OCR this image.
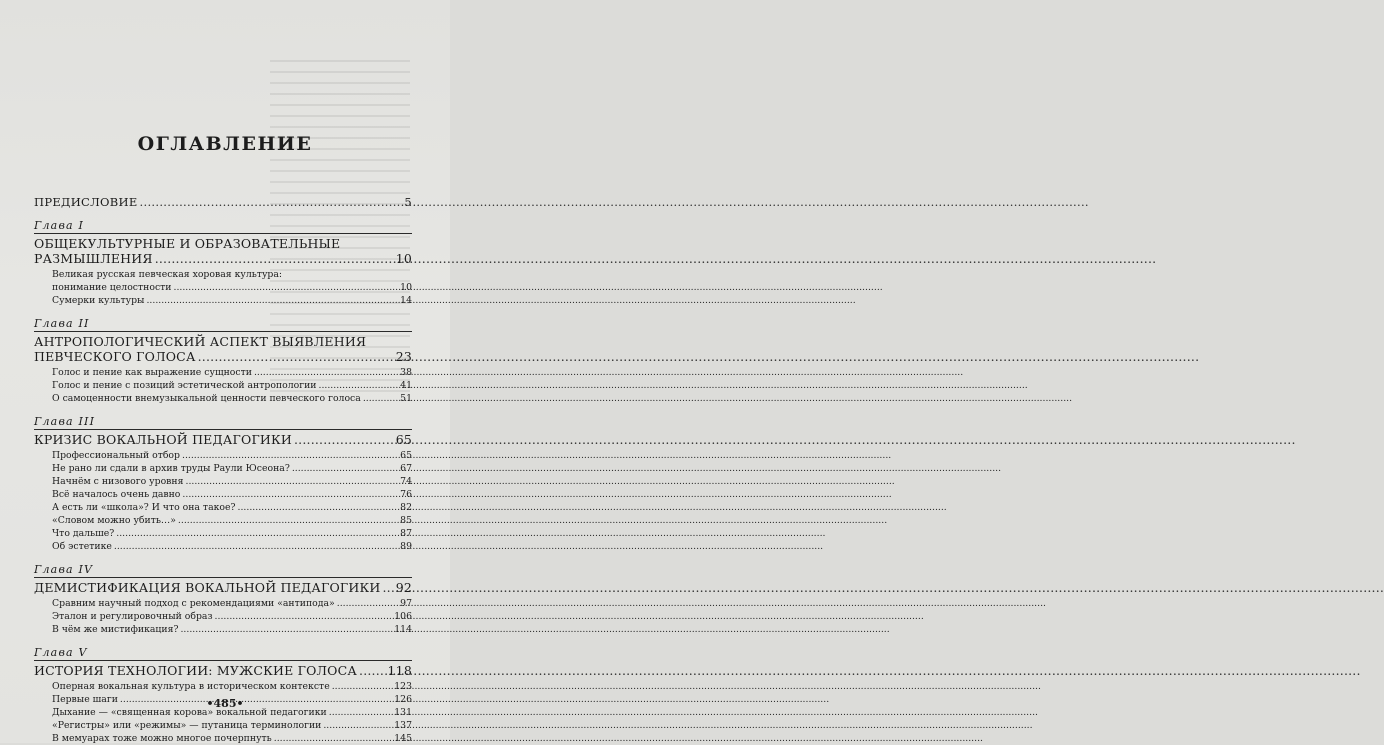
ОГЛАВЛЕНИЕ
ПРЕДИСЛОВИЕ .....	5
Глава I
ОБЩЕКУЛЬТУРНЫЕ И ОБРАЗОВАТЕЛЬНЫЕ
РАЗМЫШЛЕНИЯ .....	10
Великая русская певческая хоровая культура:
понимание целостности .....	10
Сумерки культуры .....	14
Глава II
АНТРОПОЛОГИЧЕСКИЙ АСПЕКТ ВЫЯВЛЕНИЯ
ПЕВЧЕСКОГО ГОЛОСА .....	23
Голос и пение как выражение сущности .....	38
Голос и пение с позиций эстетической антропологии .....	41
О самоценности внемузыкальной ценности певческого голоса .....	51
Глава III
КРИЗИС ВОКАЛЬНОЙ ПЕДАГОГИКИ .....	65
Профессиональный отбор .....	65
Не рано ли сдали в архив труды Раули Юсеона? .....	67
Начнём с низового уровня .....	74
Всё началось очень давно .....	76
А есть ли «школа»? И что она такое? .....	82
«Словом можно убить…» .....	85
Что дальше? .....	87
Об эстетике .....	89
Глава IV
ДЕМИСТИФИКАЦИЯ ВОКАЛЬНОЙ ПЕДАГОГИКИ ..... 92
Сравним научный подход с рекомендациями «антипода» .....	97
Эталон и регулировочный образ .....	106
В чём же мистификация? .....	114
Глава V
ИСТОРИЯ ТЕХНОЛОГИИ: МУЖСКИЕ ГОЛОСА ..... 118
Оперная вокальная культура в историческом контексте .....	123
Первые шаги .....	126
Дыхание — «священная корова» вокальной педагогики .....	131
«Регистры» или «режимы» — путаница терминологии .....	137
В мемуарах тоже можно многое почерпнуть .....	145
•485•
